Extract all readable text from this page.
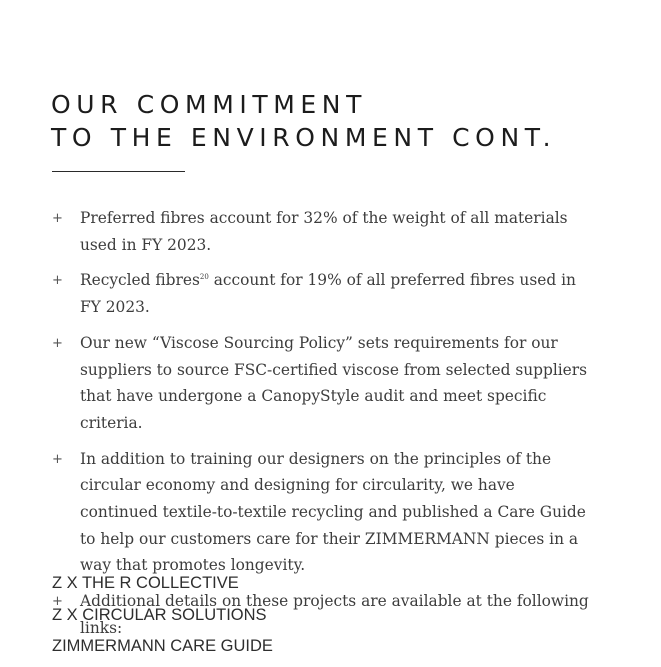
OUR COMMITMENT
TO THE ENVIRONMENT CONT.
+ Preferred fibres account for 32% of the weight of all materials used in FY 2023.
+ Recycled fibres$^{20}$ account for 19% of all preferred fibres used in FY 2023.
+ Our new “Viscose Sourcing Policy” sets requirements for our suppliers to source FSC-certified viscose from selected suppliers that have undergone a CanopyStyle audit and meet specific criteria.
+ In addition to training our designers on the principles of the circular economy and designing for circularity, we have continued textile-to-textile recycling and published a Care Guide to help our customers care for their ZIMMERMANN pieces in a way that promotes longevity.
+ Additional details on these projects are available at the following links:
Z X THE R COLLECTIVE
Z X CIRCULAR SOLUTIONS
ZIMMERMANN CARE GUIDE
